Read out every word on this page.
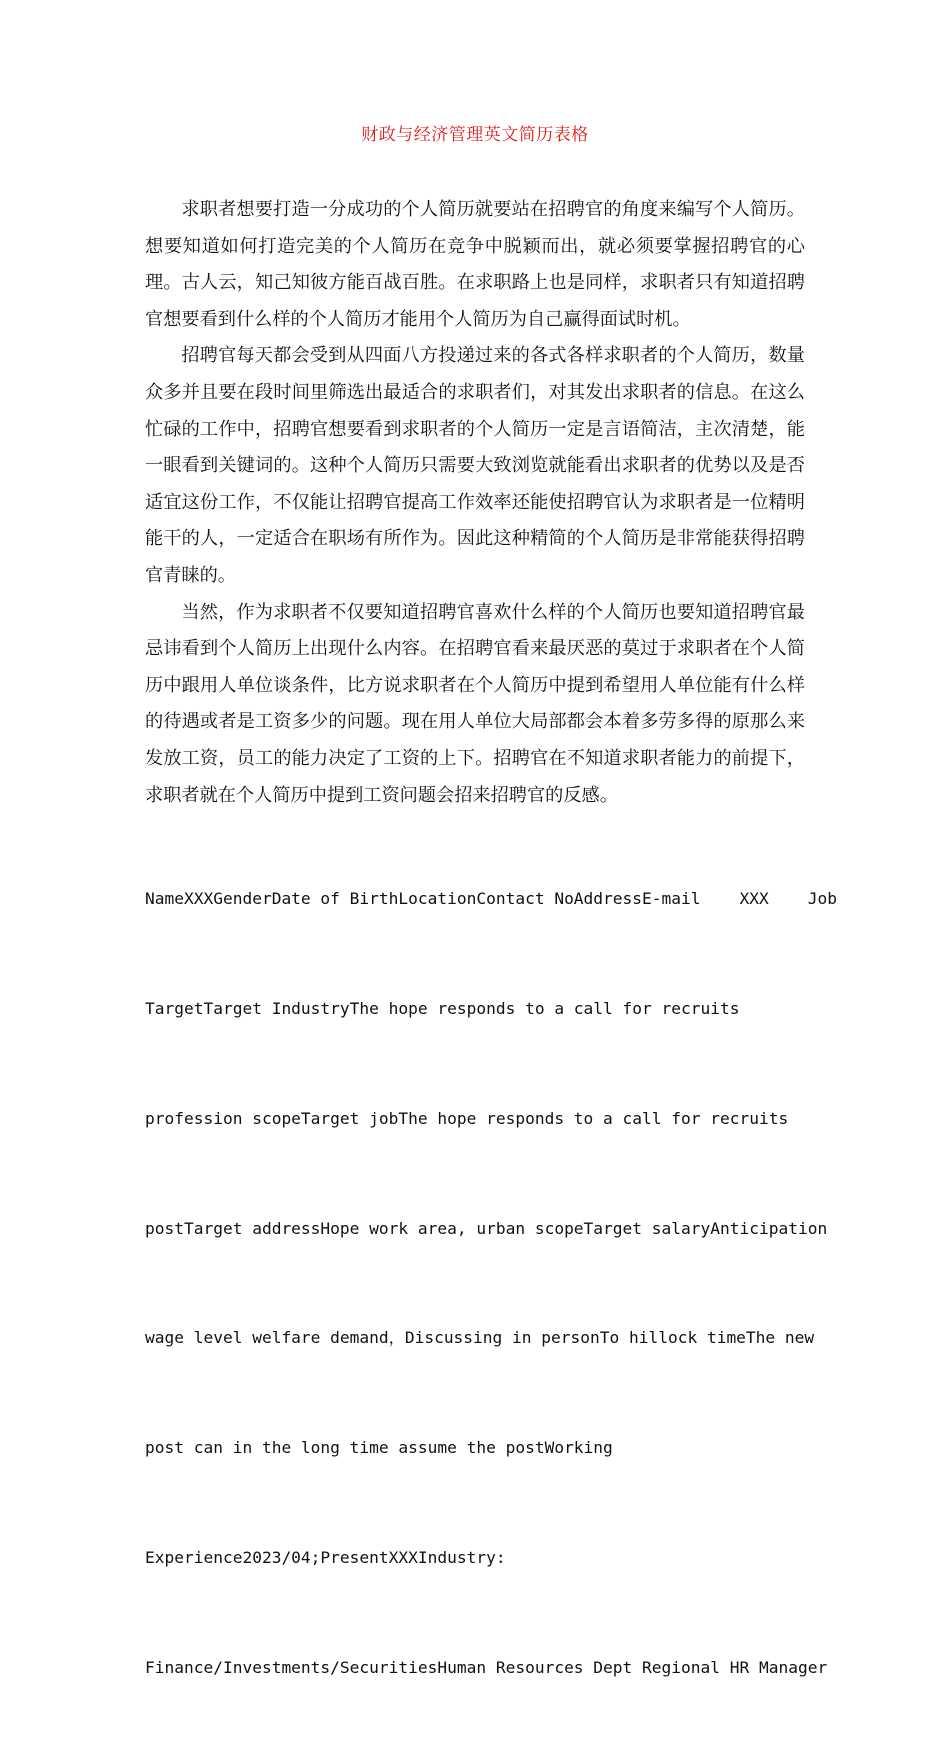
财政与经济管理英文简历表格

求职者想要打造一分成功的个人简历就要站在招聘官的角度来编写个人简历。想要知道如何打造完美的个人简历在竞争中脱颖而出，就必须要掌握招聘官的心理。古人云，知己知彼方能百战百胜。在求职路上也是同样，求职者只有知道招聘官想要看到什么样的个人简历才能用个人简历为自己赢得面试时机。

招聘官每天都会受到从四面八方投递过来的各式各样求职者的个人简历，数量众多并且要在段时间里筛选出最适合的求职者们，对其发出求职者的信息。在这么忙碌的工作中，招聘官想要看到求职者的个人简历一定是言语简洁，主次清楚，能一眼看到关键词的。这种个人简历只需要大致浏览就能看出求职者的优势以及是否适宜这份工作，不仅能让招聘官提高工作效率还能使招聘官认为求职者是一位精明能干的人，一定适合在职场有所作为。因此这种精简的个人简历是非常能获得招聘官青睐的。

当然，作为求职者不仅要知道招聘官喜欢什么样的个人简历也要知道招聘官最忌讳看到个人简历上出现什么内容。在招聘官看来最厌恶的莫过于求职者在个人简历中跟用人单位谈条件，比方说求职者在个人简历中提到希望用人单位能有什么样的待遇或者是工资多少的问题。现在用人单位大局部都会本着多劳多得的原那么来发放工资，员工的能力决定了工资的上下。招聘官在不知道求职者能力的前提下，求职者就在个人简历中提到工资问题会招来招聘官的反感。

NameXXXGenderDate of BirthLocationContact NoAddressE-mail    XXX    Job

TargetTarget IndustryThe hope responds to a call for recruits

profession scopeTarget jobThe hope responds to a call for recruits

postTarget addressHope work area, urban scopeTarget salaryAnticipation

wage level welfare demand，Discussing in personTo hillock timeThe new

post can in the long time assume the postWorking

Experience2023/04;PresentXXXIndustry:

Finance/Investments/SecuritiesHuman Resources Dept Regional HR Manager
